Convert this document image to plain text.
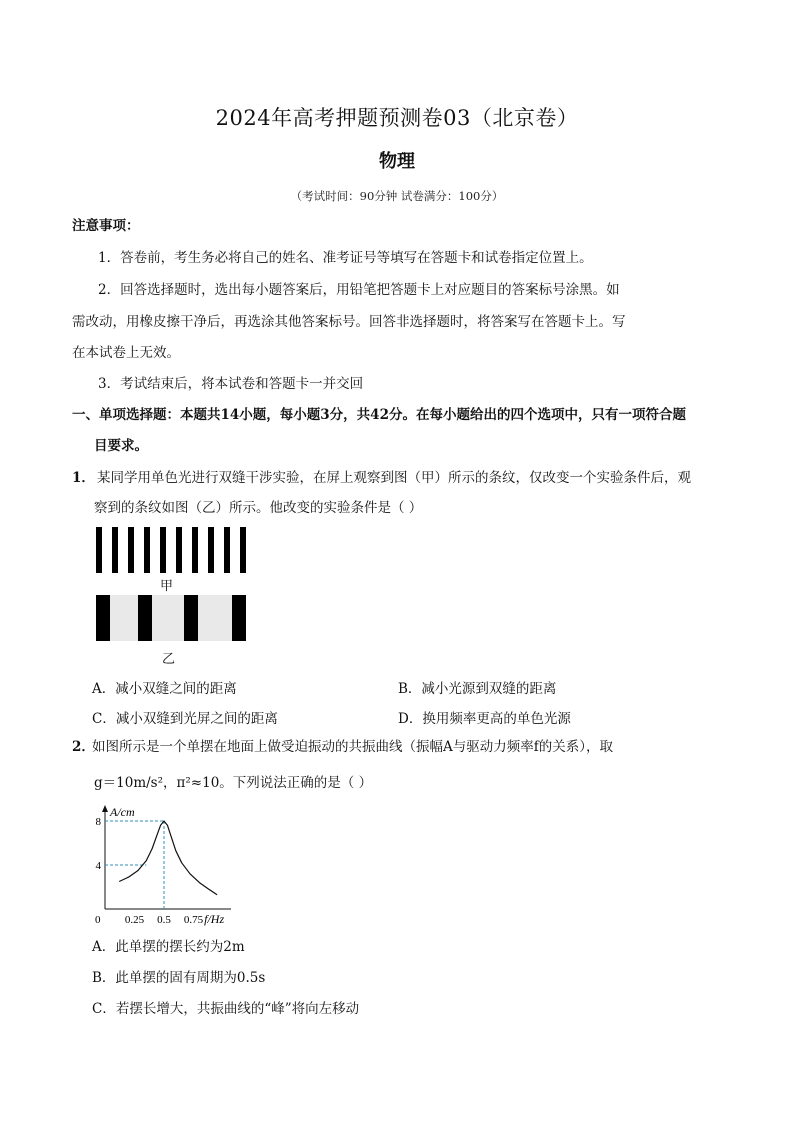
2024年高考押题预测卷03（北京卷）
物理
（考试时间：90分钟 试卷满分：100分）
注意事项：
1．答卷前，考生务必将自己的姓名、准考证号等填写在答题卡和试卷指定位置上。
2．回答选择题时，选出每小题答案后，用铅笔把答题卡上对应题目的答案标号涂黑。如
需改动，用橡皮擦干净后，再选涂其他答案标号。回答非选择题时，将答案写在答题卡上。写
在本试卷上无效。
3．考试结束后，将本试卷和答题卡一并交回
一、单项选择题：本题共14小题，每小题3分，共42分。在每小题给出的四个选项中，只有一项符合题
目要求。
1． 某同学用单色光进行双缝干涉实验，在屏上观察到图（甲）所示的条纹，仅改变一个实验条件后，观
察到的条纹如图（乙）所示。他改变的实验条件是（ ）
甲
乙
A．减小双缝之间的距离	B．减小光源到双缝的距离
C．减小双缝到光屏之间的距离	D．换用频率更高的单色光源
2．
如图所示是一个单摆在地面上做受迫振动的共振曲线（振幅A与驱动力频率f的关系），取
g＝10m/s²，π²≈10。下列说法正确的是（ ）
A/cm
f/Hz
0 0.25 0.5 0.75
4
8
A．此单摆的摆长约为2m
B．此单摆的固有周期为0.5s
C．若摆长增大，共振曲线的“峰”将向左移动
